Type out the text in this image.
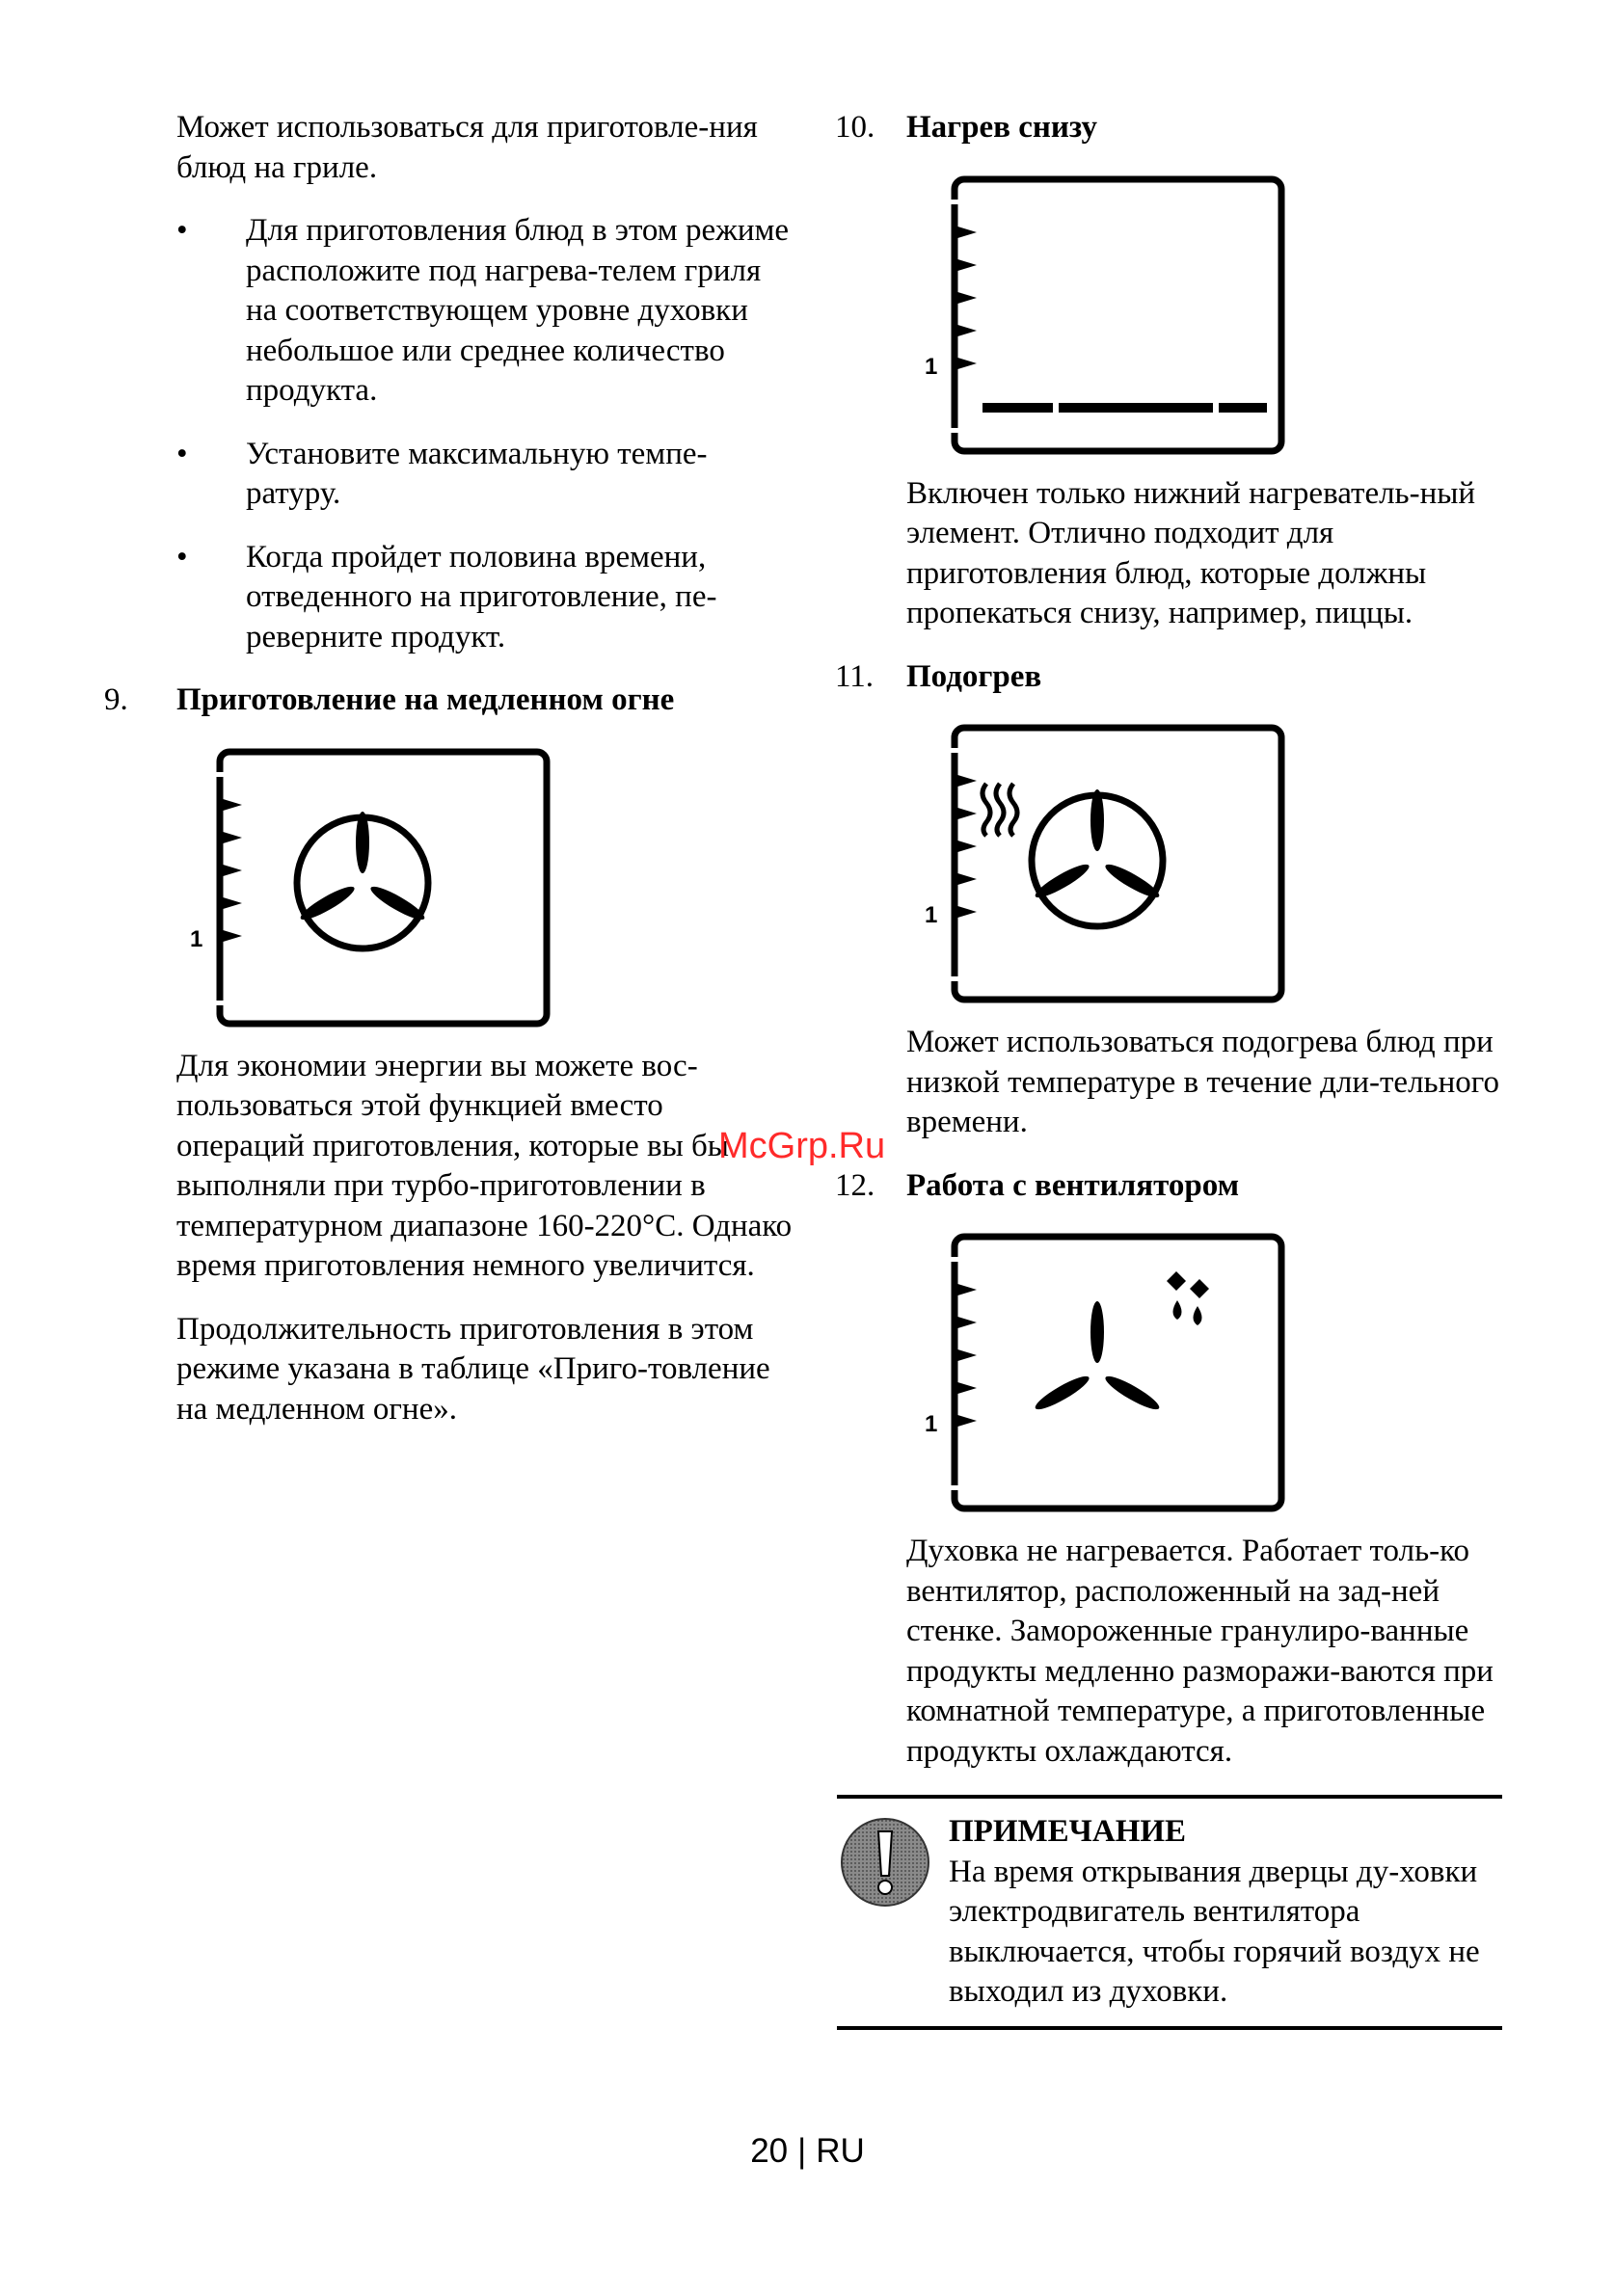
Может использоваться для приготовле-ния блюд на гриле.

• Для приготовления блюд в этом режиме расположите под нагрева-телем гриля на соответствующем уровне духовки небольшое или среднее количество продукта.
• Установите максимальную темпе-ратуру.
• Когда пройдет половина времени, отведенного на приготовление, пе-реверните продукт.
9. Приготовление на медленном огне
1

Для экономии энергии вы можете вос-пользоваться этой функцией вместо операций приготовления, которые вы бы выполняли при турбо-приготовлении в температурном диапазоне 160-220°C. Однако время приготовления немного увеличится.

Продолжительность приготовления в этом режиме указана в таблице «Приго-товление на медленном огне».

10. Нагрев снизу
1

Включен только нижний нагреватель-ный элемент. Отлично подходит для приготовления блюд, которые должны пропекаться снизу, например, пиццы.

11.	Подогрев
1

Может использоваться подогрева блюд при низкой температуре в течение дли-тельного времени.

12. Работа с вентилятором
1

Духовка не нагревается. Работает толь-ко вентилятор, расположенный на зад-ней стенке. Замороженные гранулиро-ванные продукты медленно разморажи-ваются при комнатной температуре, а приготовленные продукты охлаждаются.

ПРИМЕЧАНИЕ

На время открывания дверцы ду-ховки электродвигатель вентилятора выключается, чтобы горячий воздух не выходил из духовки.

McGrp.Ru
20 | RU
